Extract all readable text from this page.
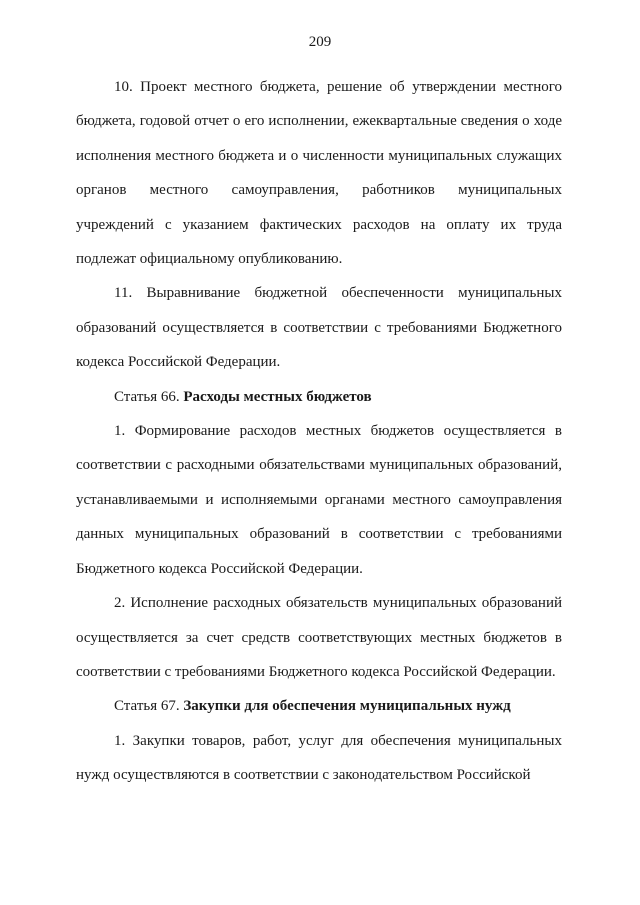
209

10. Проект местного бюджета, решение об утверждении местного бюджета, годовой отчет о его исполнении, ежеквартальные сведения о ходе исполнения местного бюджета и о численности муниципальных служащих органов местного самоуправления, работников муниципальных учреждений с указанием фактических расходов на оплату их труда подлежат официальному опубликованию.

11. Выравнивание бюджетной обеспеченности муниципальных образований осуществляется в соответствии с требованиями Бюджетного кодекса Российской Федерации.

Статья 66. Расходы местных бюджетов

1. Формирование расходов местных бюджетов осуществляется в соответствии с расходными обязательствами муниципальных образований, устанавливаемыми и исполняемыми органами местного самоуправления данных муниципальных образований в соответствии с требованиями Бюджетного кодекса Российской Федерации.

2. Исполнение расходных обязательств муниципальных образований осуществляется за счет средств соответствующих местных бюджетов в соответствии с требованиями Бюджетного кодекса Российской Федерации.

Статья 67. Закупки для обеспечения муниципальных нужд

1. Закупки товаров, работ, услуг для обеспечения муниципальных нужд осуществляются в соответствии с законодательством Российской
